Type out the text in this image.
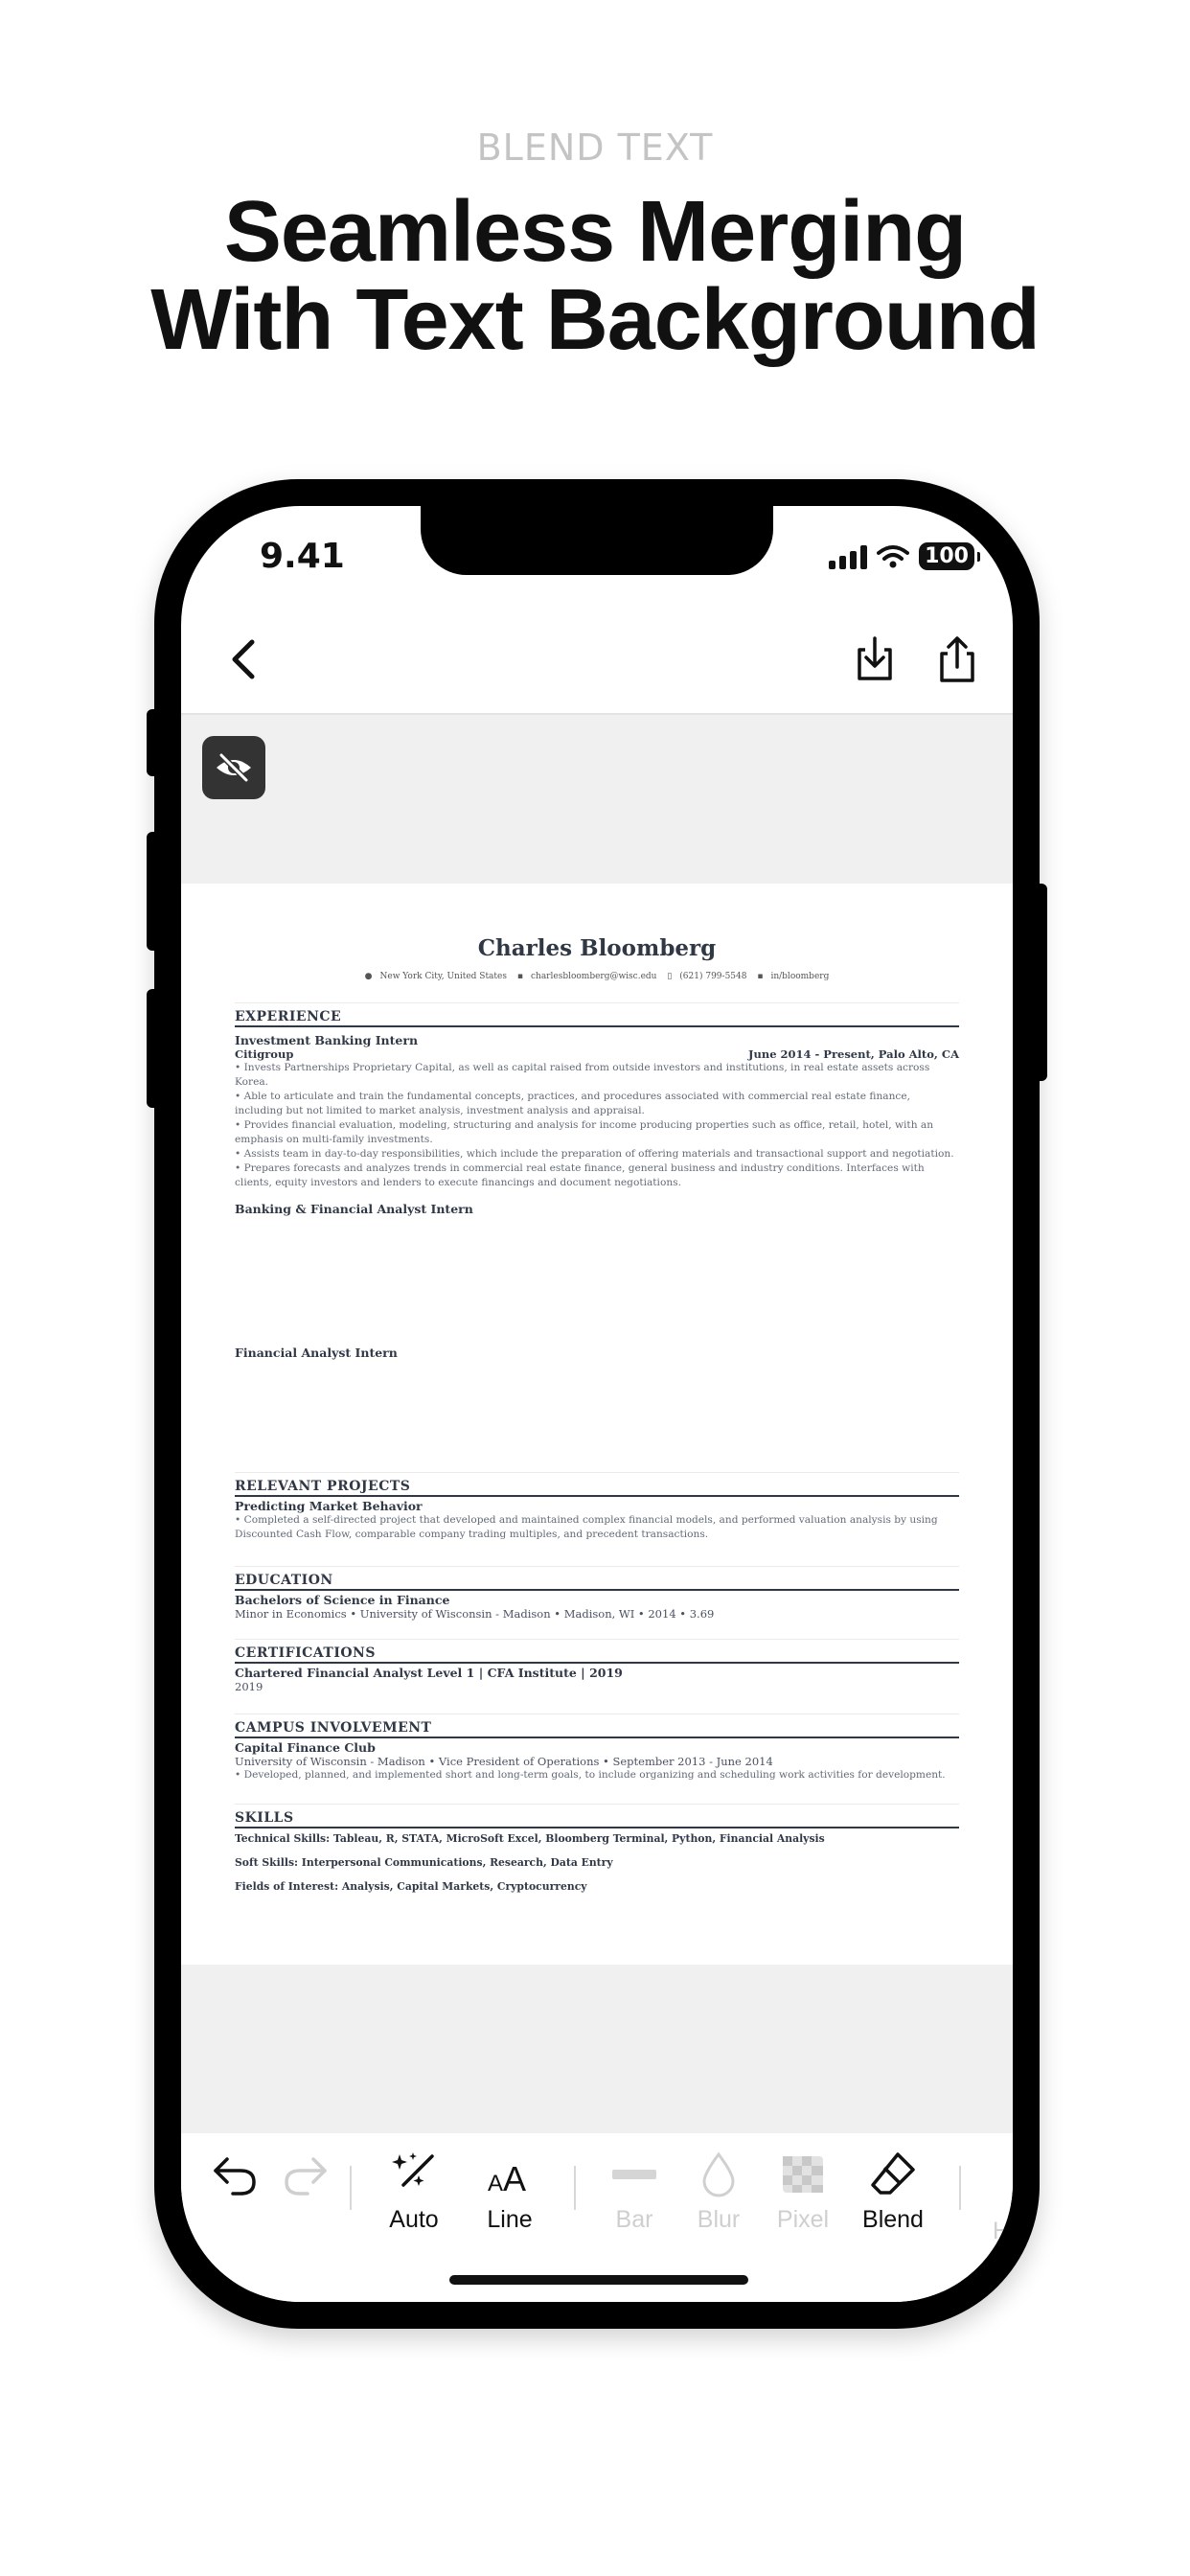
BLEND TEXT
Seamless Merging
With Text Background
9.41	100
Charles Bloomberg
● New York City, United States ▪ charlesbloomberg@wisc.edu ▯ (621) 799-5548 ▪ in/bloomberg
EXPERIENCE
Investment Banking Intern
Citigroup	June 2014 - Present, Palo Alto, CA
• Invests Partnerships Proprietary Capital, as well as capital raised from outside investors and institutions, in real estate assets across Korea.
• Able to articulate and train the fundamental concepts, practices, and procedures associated with commercial real estate finance, including but not limited to market analysis, investment analysis and appraisal.
• Provides financial evaluation, modeling, structuring and analysis for income producing properties such as office, retail, hotel, with an emphasis on multi-family investments.
• Assists team in day-to-day responsibilities, which include the preparation of offering materials and transactional support and negotiation.
• Prepares forecasts and analyzes trends in commercial real estate finance, general business and industry conditions. Interfaces with clients, equity investors and lenders to execute financings and document negotiations.
Banking & Financial Analyst Intern
Financial Analyst Intern
RELEVANT PROJECTS
Predicting Market Behavior
• Completed a self-directed project that developed and maintained complex financial models, and performed valuation analysis by using Discounted Cash Flow, comparable company trading multiples, and precedent transactions.
EDUCATION
Bachelors of Science in Finance
Minor in Economics • University of Wisconsin - Madison • Madison, WI • 2014 • 3.69
CERTIFICATIONS
Chartered Financial Analyst Level 1 | CFA Institute | 2019
2019
CAMPUS INVOLVEMENT
Capital Finance Club
University of Wisconsin - Madison • Vice President of Operations • September 2013 - June 2014
• Developed, planned, and implemented short and long-term goals, to include organizing and scheduling work activities for development.
SKILLS
Technical Skills: Tableau, R, STATA, MicroSoft Excel, Bloomberg Terminal, Python, Financial Analysis
Soft Skills: Interpersonal Communications, Research, Data Entry
Fields of Interest: Analysis, Capital Markets, Cryptocurrency
Auto
A A
Line	Bar Blur Pixel Blend	H
